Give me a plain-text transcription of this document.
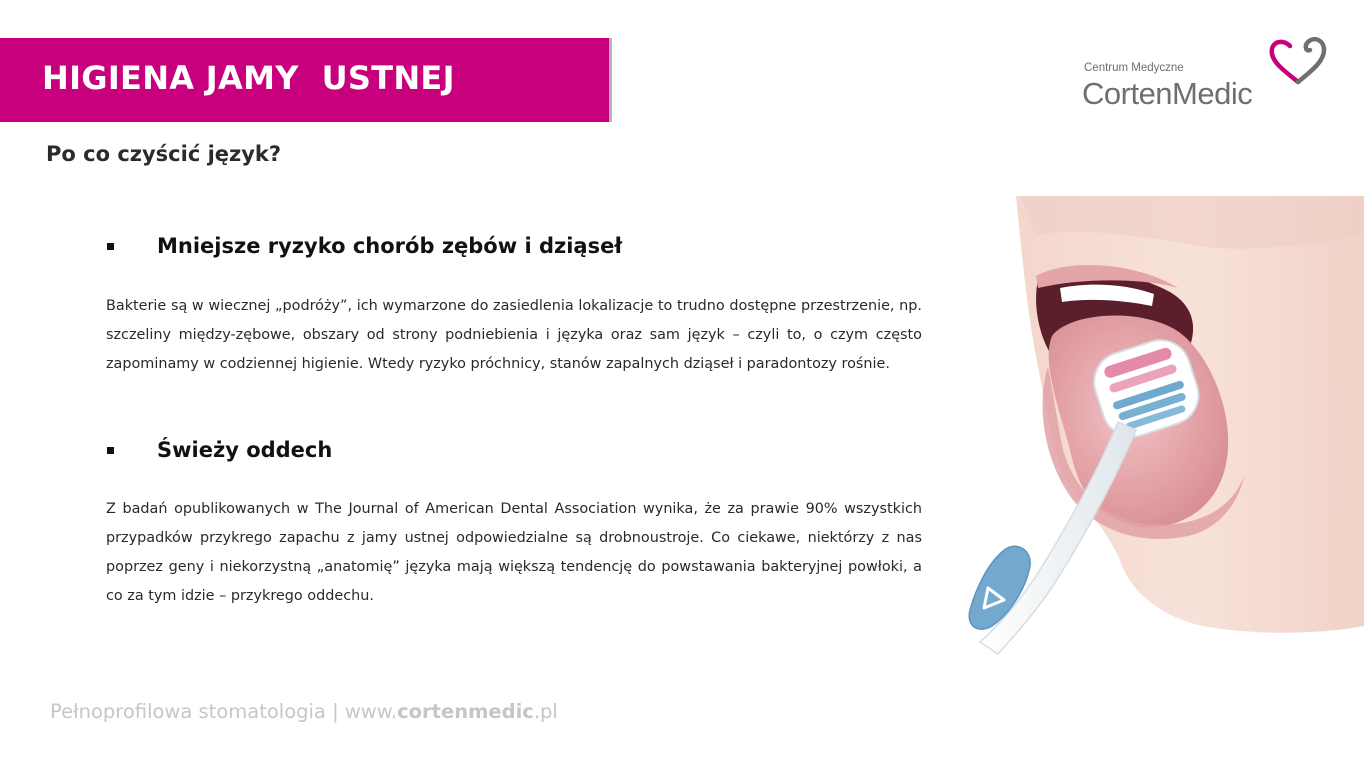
HIGIENA JAMY  USTNEJ	Centrum Medyczne
CortenMedic
Po co czyścić język?
Mniejsze ryzyko chorób zębów i dziąseł

Bakterie są w wiecznej „podróży”, ich wymarzone do zasiedlenia lokalizacje to trudno dostępne przestrzenie, np. szczeliny między-zębowe, obszary od strony podniebienia i języka oraz sam język – czyli to, o czym często zapominamy w codziennej higienie. Wtedy ryzyko próchnicy, stanów zapalnych dziąseł i paradontozy rośnie.

Świeży oddech

Z badań opublikowanych w The Journal of American Dental Association wynika, że za prawie 90% wszystkich przypadków przykrego zapachu z jamy ustnej odpowiedzialne są drobnoustroje. Co ciekawe, niektórzy z nas poprzez geny i niekorzystną „anatomię” języka mają większą tendencję do powstawania bakteryjnej powłoki, a co za tym idzie – przykrego oddechu.

Pełnoprofilowa stomatologia | www.cortenmedic.pl
